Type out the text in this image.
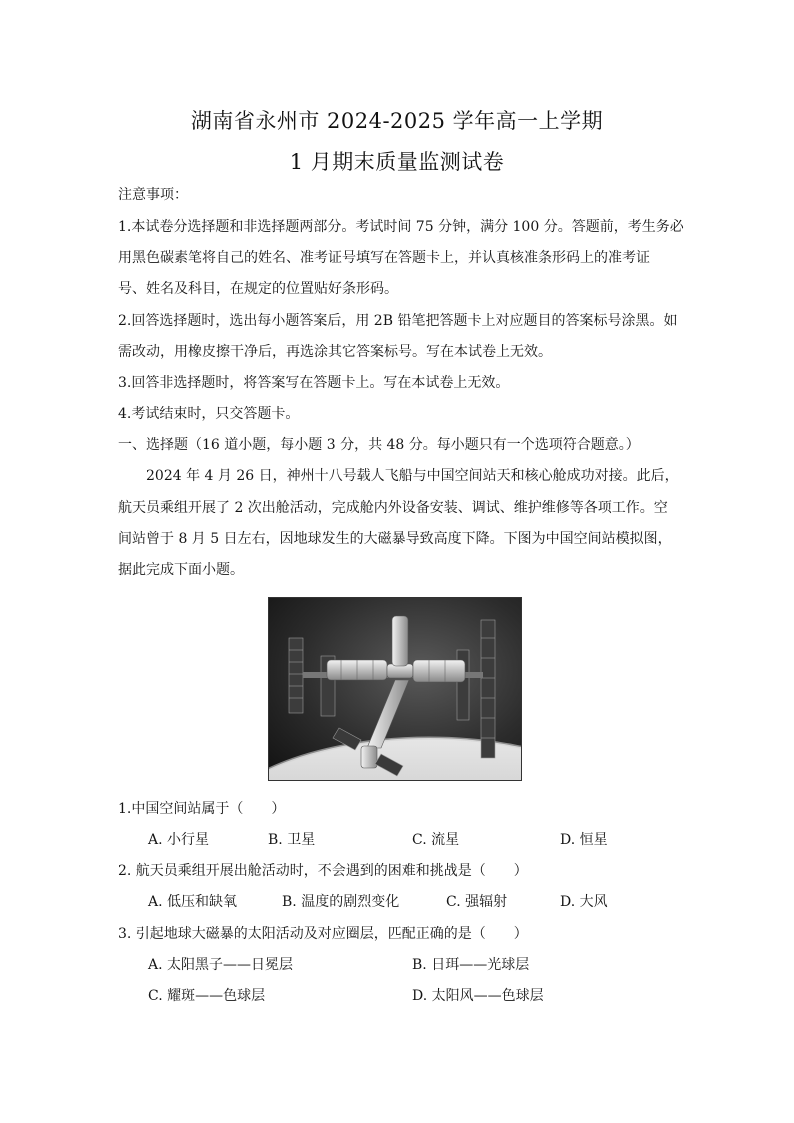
湖南省永州市 2024-2025 学年高一上学期
1 月期末质量监测试卷
注意事项：
1.本试卷分选择题和非选择题两部分。考试时间 75 分钟，满分 100 分。答题前，考生务必
用黑色碳素笔将自己的姓名、准考证号填写在答题卡上，并认真核准条形码上的准考证
号、姓名及科目，在规定的位置贴好条形码。
2.回答选择题时，选出每小题答案后，用 2B 铅笔把答题卡上对应题目的答案标号涂黑。如
需改动，用橡皮擦干净后，再选涂其它答案标号。写在本试卷上无效。
3.回答非选择题时，将答案写在答题卡上。写在本试卷上无效。
4.考试结束时，只交答题卡。
一、选择题（16 道小题，每小题 3 分，共 48 分。每小题只有一个选项符合题意。）
2024 年 4 月 26 日，神州十八号载人飞船与中国空间站天和核心舱成功对接。此后，
航天员乘组开展了 2 次出舱活动，完成舱内外设备安装、调试、维护维修等各项工作。空
间站曾于 8 月 5 日左右，因地球发生的大磁暴导致高度下降。下图为中国空间站模拟图，
据此完成下面小题。
1.中国空间站属于（　　）
A. 小行星	B. 卫星	C. 流星	D. 恒星
2. 航天员乘组开展出舱活动时，不会遇到的困难和挑战是（　　）
A. 低压和缺氧	B. 温度的剧烈变化	C. 强辐射	D. 大风
3. 引起地球大磁暴的太阳活动及对应圈层，匹配正确的是（　　）
A. 太阳黑子——日冕层	B. 日珥——光球层
C. 耀斑——色球层	D. 太阳风——色球层
